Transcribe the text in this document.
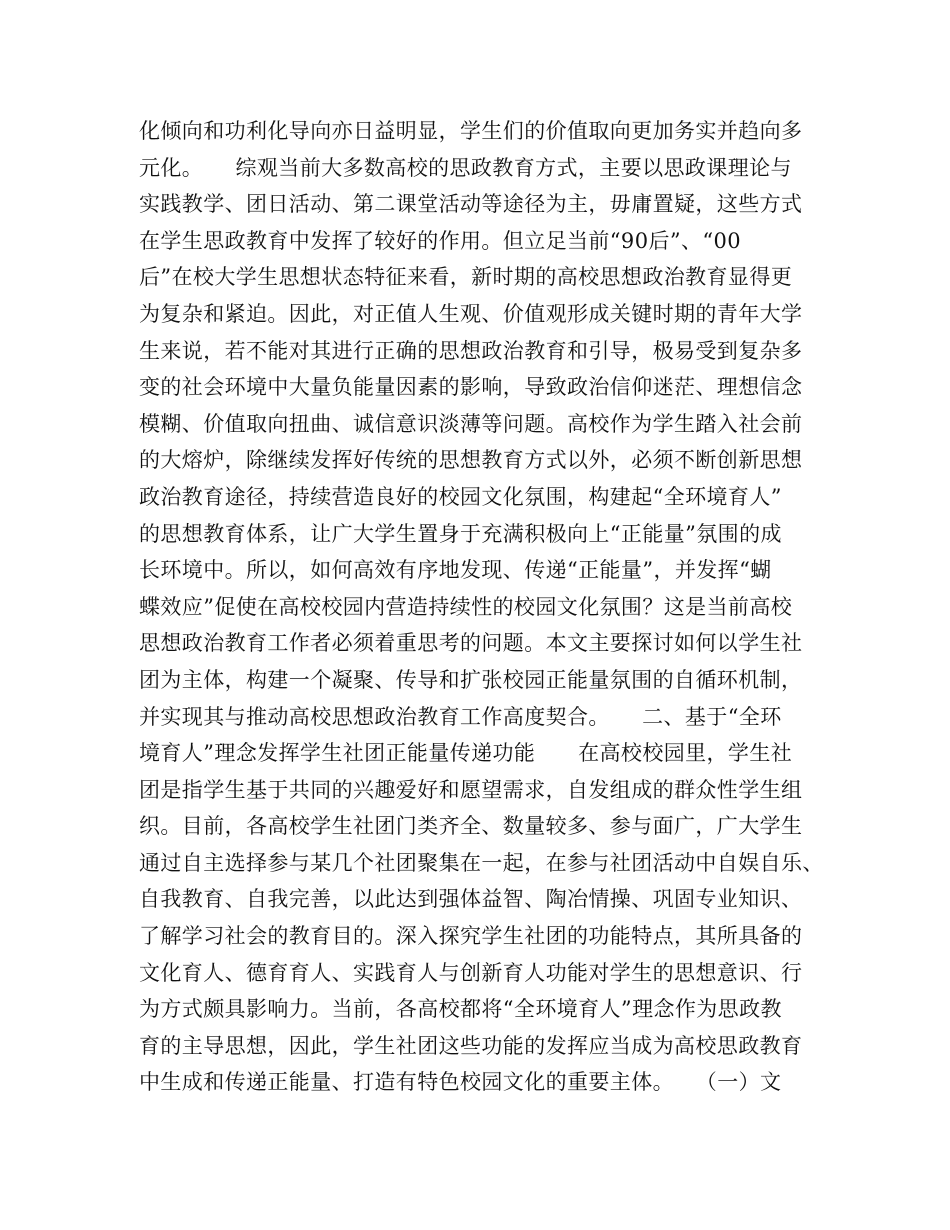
化倾向和功利化导向亦日益明显，学生们的价值取向更加务实并趋向多
元化。　　综观当前大多数高校的思政教育方式，主要以思政课理论与
实践教学、团日活动、第二课堂活动等途径为主，毋庸置疑，这些方式
在学生思政教育中发挥了较好的作用。但立足当前“90后”、“00
后”在校大学生思想状态特征来看，新时期的高校思想政治教育显得更
为复杂和紧迫。因此，对正值人生观、价值观形成关键时期的青年大学
生来说，若不能对其进行正确的思想政治教育和引导，极易受到复杂多
变的社会环境中大量负能量因素的影响，导致政治信仰迷茫、理想信念
模糊、价值取向扭曲、诚信意识淡薄等问题。高校作为学生踏入社会前
的大熔炉，除继续发挥好传统的思想教育方式以外，必须不断创新思想
政治教育途径，持续营造良好的校园文化氛围，构建起“全环境育人”
的思想教育体系，让广大学生置身于充满积极向上“正能量”氛围的成
长环境中。所以，如何高效有序地发现、传递“正能量”，并发挥“蝴
蝶效应”促使在高校校园内营造持续性的校园文化氛围？这是当前高校
思想政治教育工作者必须着重思考的问题。本文主要探讨如何以学生社
团为主体，构建一个凝聚、传导和扩张校园正能量氛围的自循环机制，
并实现其与推动高校思想政治教育工作高度契合。　　二、基于“全环
境育人”理念发挥学生社团正能量传递功能　　在高校校园里，学生社
团是指学生基于共同的兴趣爱好和愿望需求，自发组成的群众性学生组
织。目前，各高校学生社团门类齐全、数量较多、参与面广，广大学生
通过自主选择参与某几个社团聚集在一起，在参与社团活动中自娱自乐、
自我教育、自我完善，以此达到强体益智、陶冶情操、巩固专业知识、
了解学习社会的教育目的。深入探究学生社团的功能特点，其所具备的
文化育人、德育育人、实践育人与创新育人功能对学生的思想意识、行
为方式颇具影响力。当前，各高校都将“全环境育人”理念作为思政教
育的主导思想，因此，学生社团这些功能的发挥应当成为高校思政教育
中生成和传递正能量、打造有特色校园文化的重要主体。　　（一）文
